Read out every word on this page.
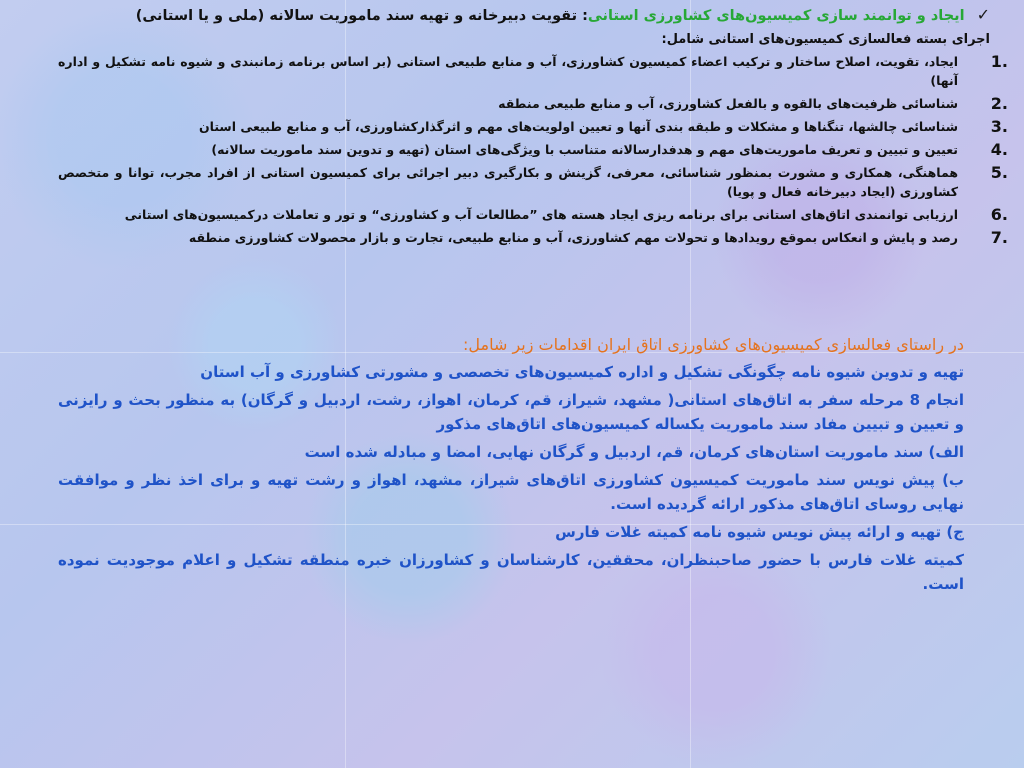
✓
ایجاد و توانمند سازی کمیسیون‌های کشاورزی استانی: تقویت دبیرخانه و تهیه سند ماموریت سالانه (ملی و یا استانی)
اجرای بسته فعالسازی کمیسیون‌های استانی شامل:
1.
ایجاد، تقویت، اصلاح ساختار و ترکیب اعضاء کمیسیون کشاورزی، آب و منابع طبیعی استانی (بر اساس برنامه زمانبندی و شیوه نامه تشکیل و اداره آنها)
2.
شناسائی ظرفیت‌های بالقوه و بالفعل کشاورزی، آب و منابع طبیعی منطقه
3.
شناسائی چالشها، تنگناها و مشکلات و طبقه بندی آنها و تعیین اولویت‌های مهم و اثرگذارکشاورزی، آب و منابع طبیعی استان
4.
تعیین و تبیین و تعریف ماموریت‌های مهم و هدفدارسالانه متناسب با ویژگی‌های استان (تهیه و تدوین سند ماموریت سالانه)
5.
هماهنگی، همکاری و مشورت بمنظور شناسائی، معرفی، گزینش و بکارگیری دبیر اجرائی برای کمیسیون استانی از افراد مجرب، توانا و متخصص کشاورزی (ایجاد دبیرخانه فعال و پویا)
6.
ارزیابی توانمندی اتاق‌های استانی برای برنامه ریزی ایجاد هسته های ”مطالعات آب و کشاورزی“ و تور و تعاملات درکمیسیون‌های استانی
7.
رصد و پایش و انعکاس بموقع رویدادها و تحولات مهم کشاورزی، آب و منابع طبیعی، تجارت و بازار محصولات کشاورزی منطقه
در راستای فعالسازی کمیسیون‌های کشاورزی اتاق ایران اقدامات زیر شامل:
تهیه و تدوین شیوه نامه چگونگی تشکیل و اداره کمیسیون‌های تخصصی و مشورتی کشاورزی و آب استان
انجام 8 مرحله سفر به اتاق‌های استانی( مشهد، شیراز، قم، کرمان، اهواز، رشت، اردبیل و گرگان) به منظور بحث و رایزنی و تعیین و تبیین مفاد سند ماموریت یکساله کمیسیون‌های اتاق‌های مذکور
الف) سند ماموریت استان‌های کرمان، قم، اردبیل و گرگان نهایی، امضا و مبادله شده است
ب) پیش نویس سند ماموریت کمیسیون کشاورزی اتاق‌های شیراز، مشهد، اهواز و رشت تهیه و برای اخذ نظر و موافقت نهایی روسای اتاق‌های مذکور ارائه گردیده است.
ج) تهیه و ارائه پیش نویس شیوه نامه کمیته غلات فارس
کمیته غلات فارس با حضور صاحبنظران، محققین، کارشناسان و کشاورزان خبره منطقه تشکیل و اعلام موجودیت نموده است.
